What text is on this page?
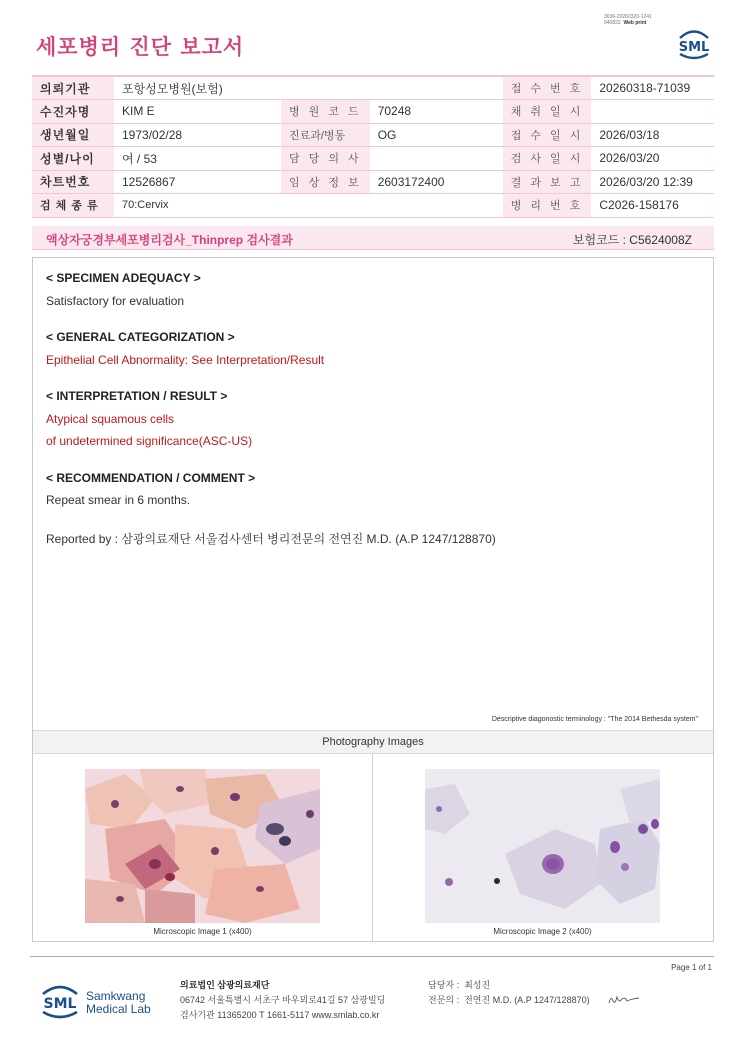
3036-20260320-1241
040822 Web print
세포병리 진단 보고서	SML
의뢰기관	포항성모병원(보험)			접 수 번 호	20260318-71039
수진자명	KIM E	병 원 코 드	70248	채 취 일 시	
생년월일	1973/02/28	진료과/병동	OG	접 수 일 시	2026/03/18
성별/나이	여 / 53	담 당 의 사		검 사 일 시	2026/03/20
차트번호	12526867	임 상 정 보	2603172400	결 과 보 고	2026/03/20 12:39
검 체 종 류	70:Cervix			병 리 번 호	C2026-158176
액상자궁경부세포병리검사_Thinprep 검사결과	보험코드 : C5624008Z
< SPECIMEN ADEQUACY >
Satisfactory for evaluation
< GENERAL CATEGORIZATION >
Epithelial Cell Abnormality: See Interpretation/Result
< INTERPRETATION / RESULT >
Atypical squamous cells
of undetermined significance(ASC-US)
< RECOMMENDATION / COMMENT >
Repeat smear in 6 months.
Reported by : 삼광의료재단 서울검사센터 병리전문의 전연진 M.D. (A.P 1247/128870)
Descriptive diagonostic terminology : "The 2014 Bethesda system"
Photography Images
Microscopic Image 1 (x400)	Microscopic Image 2 (x400)
Page 1 of 1
SML Samkwang
Medical Lab
의료법인 삼광의료재단
06742 서울특별시 서초구 바우뫼로41길 57 삼광빌딩
검사기관 11365200 T 1661-5117 www.smlab.co.kr
담당자 : 최성진
전문의 : 전연진 M.D. (A.P 1247/128870)
